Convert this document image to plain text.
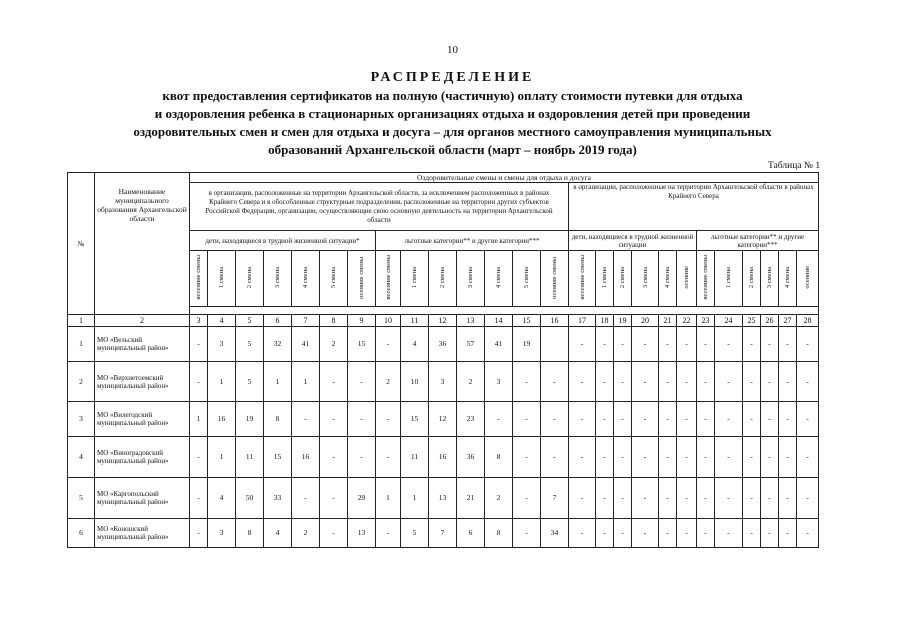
10
РАСПРЕДЕЛЕНИЕ
квот предоставления сертификатов на полную (частичную) оплату стоимости путевки для отдыха
и оздоровления ребенка в стационарных организациях отдыха и оздоровления детей при проведении
оздоровительных смен и смен для отдыха и досуга – для органов местного самоуправления муниципальных
образований Архангельской области (март – ноябрь 2019 года)
Таблица № 1
№	Наименование муниципального образования Архангельской области	Оздоровительные смены и смены для отдыха и досуга																									
		в организации, расположенные на территории Архангельской области, за исключением расположенных в районах Крайнего Севера и в обособленные структурные подразделения, расположенные на территории других субъектов Российской Федерации, организации, осуществляющие свою основную деятельность на территории Архангельской области														в организации, расположенные на территории Архангельской области в районах Крайнего Севера											
		дети, находящиеся в трудной жизненной ситуации*							льготные категории** и другие категории***							дети, находящиеся в трудной жизненной ситуации						льготные категории** и другие категории***					
		весенние смены	1 смена	2 смена	3 смена	4 смена	5 смена	осенние смены	весенние смены	1 смена	2 смена	3 смена	4 смена	5 смена	осенние смены	весенние смены	1 смена	2 смена	3 смена	4 смена	осенние	весенние смены	1 смена	2 смена	3 смена	4 смена	осенние

1	2	3	4	5	6	7	8	9	10	11	12	13	14	15	16	17	18	19	20	21	22	23	24	25	26	27	28
1	МО «Вельский муниципальный район»	-	3	5	32	41	2	15	-	4	36	57	41	19		-	-	-	-	-	-	-	-	-	-	-	-
2	МО «Верхнетоемский муниципальный район»	-	1	5	1	1	-	-	2	10	3	2	3	-	-	-	-	-	-	-	-	-	-	-	-	-	-
3	МО «Вилегодский муниципальный район»	1	16	19	8	-	-	-	-	15	12	23	-	-	-	-	-	-	-	-	-	-	-	-	-	-	-
4	МО «Виноградовский муниципальный район»	-	1	11	15	16	-	-	-	11	16	36	8	-	-	-	-	-	-	-	-	-	-	-	-	-	-
5	МО «Каргопольский муниципальный район»	-	4	50	33	-	-	29	1	1	13	21	2	-	7	-	-	-	-	-	-	-	-	-	-	-	-
6	МО «Коношский муниципальный район»	-	3	8	4	2	-	13	-	5	7	6	8	-	34	-	-	-	-	-	-	-	-	-	-	-	-
